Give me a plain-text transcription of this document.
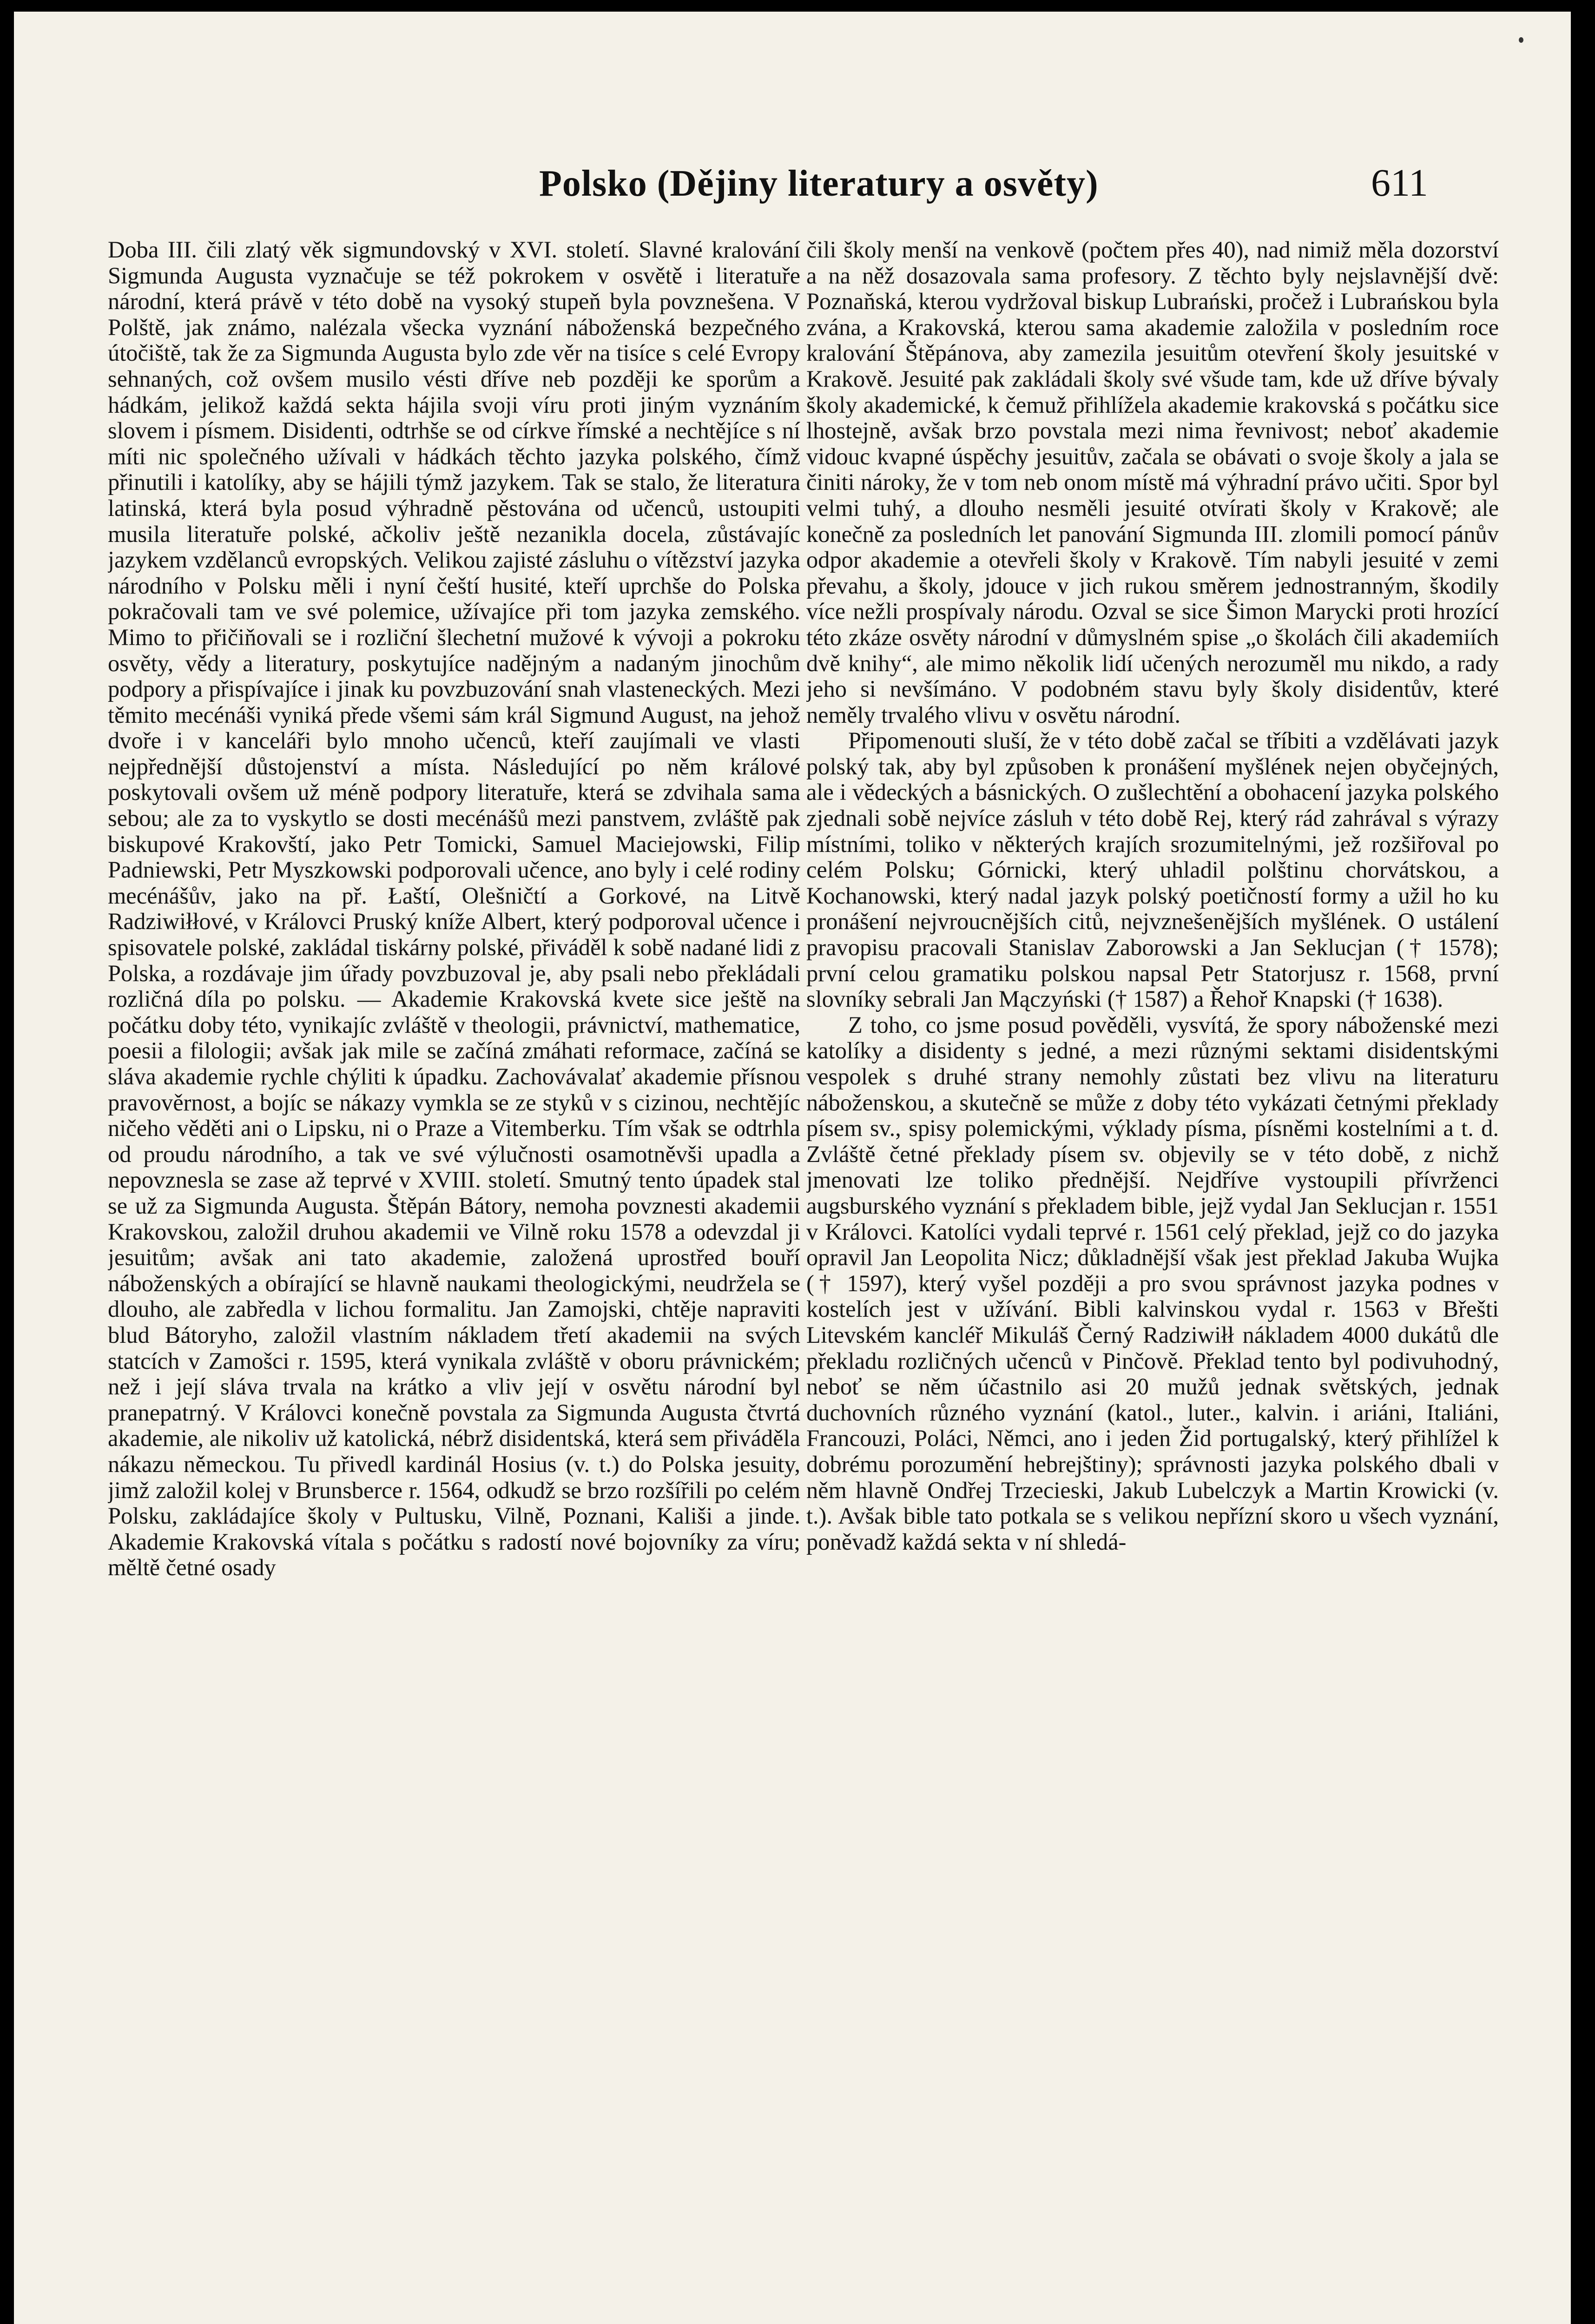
Polsko (Dějiny literatury a osvěty)	611

Doba III. čili zlatý věk sigmundovský v XVI. století. Slavné kralování Sigmunda Augusta vyznačuje se též pokrokem v osvětě i literatuře národní, která právě v této době na vysoký stupeň byla povznešena. V Polště, jak známo, nalézala všecka vyznání náboženská bezpečného útočiště, tak že za Sigmunda Augusta bylo zde věr na tisíce s celé Evropy sehnaných, což ovšem musilo vésti dříve neb později ke sporům a hádkám, jelikož každá sekta hájila svoji víru proti jiným vyznáním slovem i písmem. Disidenti, odtrhše se od církve římské a nechtějíce s ní míti nic společného užívali v hádkách těchto jazyka polského, čímž přinutili i katolíky, aby se hájili týmž jazykem. Tak se stalo, že literatura latinská, která byla posud výhradně pěstována od učenců, ustoupiti musila literatuře polské, ačkoliv ještě nezanikla docela, zůstávajíc jazykem vzdělanců evropských. Velikou zajisté zásluhu o vítězství jazyka národního v Polsku měli i nyní čeští husité, kteří uprchše do Polska pokračovali tam ve své polemice, užívajíce při tom jazyka zemského. Mimo to přičiňovali se i rozliční šlechetní mužové k vývoji a pokroku osvěty, vědy a literatury, poskytujíce nadějným a nadaným jinochům podpory a přispívajíce i jinak ku povzbuzování snah vlasteneckých. Mezi těmito mecénáši vyniká přede všemi sám král Sigmund August, na jehož dvoře i v kanceláři bylo mnoho učenců, kteří zaujímali ve vlasti nejpřednější důstojenství a místa. Následující po něm králové poskytovali ovšem už méně podpory literatuře, která se zdvihala sama sebou; ale za to vyskytlo se dosti mecénášů mezi panstvem, zvláště pak biskupové Krakovští, jako Petr Tomicki, Samuel Maciejowski, Filip Padniewski, Petr Myszkowski podporovali učence, ano byly i celé rodiny mecénášův, jako na př. Łaští, Olešničtí a Gorkové, na Litvě Radziwiłłové, v Královci Pruský kníže Albert, který podporoval učence i spisovatele polské, zakládal tiskárny polské, přiváděl k sobě nadané lidi z Polska, a rozdávaje jim úřady povzbuzoval je, aby psali nebo překládali rozličná díla po polsku. — Akademie Krakovská kvete sice ještě na počátku doby této, vynikajíc zvláště v theologii, právnictví, mathematice, poesii a filologii; avšak jak mile se začíná zmáhati reformace, začíná se sláva akademie rychle chýliti k úpadku. Zachovávalať akademie přísnou pravověrnost, a bojíc se nákazy vymkla se ze styků v s cizinou, nechtějíc ničeho věděti ani o Lipsku, ni o Praze a Vitemberku. Tím však se odtrhla od proudu národního, a tak ve své výlučnosti osamotněvši upadla a nepovznesla se zase až teprvé v XVIII. století. Smutný tento úpadek stal se už za Sigmunda Augusta. Štěpán Bátory, nemoha povznesti akademii Krakovskou, založil druhou akademii ve Vilně roku 1578 a odevzdal ji jesuitům; avšak ani tato akademie, založená uprostřed bouří náboženských a obírající se hlavně naukami theologickými, neudržela se dlouho, ale zabředla v lichou formalitu. Jan Zamojski, chtěje napraviti blud Bátoryho, založil vlastním nákladem třetí akademii na svých statcích v Zamošci r. 1595, která vynikala zvláště v oboru právnickém; než i její sláva trvala na krátko a vliv její v osvětu národní byl pranepatrný. V Královci konečně povstala za Sigmunda Augusta čtvrtá akademie, ale nikoliv už katolická, nébrž disidentská, která sem přiváděla nákazu německou. Tu přivedl kardinál Hosius (v. t.) do Polska jesuity, jimž založil kolej v Brunsberce r. 1564, odkudž se brzo rozšířili po celém Polsku, zakládajíce školy v Pultusku, Vilně, Poznani, Kališi a jinde. Akademie Krakovská vítala s počátku s radostí nové bojovníky za víru; měltě četné osady

čili školy menší na venkově (počtem přes 40), nad nimiž měla dozorství a na něž dosazovala sama profesory. Z těchto byly nejslavnější dvě: Poznaňská, kterou vydržoval biskup Lubrański, pročež i Lubrańskou byla zvána, a Krakovská, kterou sama akademie založila v posledním roce kralování Štěpánova, aby zamezila jesuitům otevření školy jesuitské v Krakově. Jesuité pak zakládali školy své všude tam, kde už dříve bývaly školy akademické, k čemuž přihlížela akademie krakovská s počátku sice lhostejně, avšak brzo povstala mezi nima řevnivost; neboť akademie vidouc kvapné úspěchy jesuitův, začala se obávati o svoje školy a jala se činiti nároky, že v tom neb onom místě má výhradní právo učiti. Spor byl velmi tuhý, a dlouho nesměli jesuité otvírati školy v Krakově; ale konečně za posledních let panování Sigmunda III. zlomili pomocí pánův odpor akademie a otevřeli školy v Krakově. Tím nabyli jesuité v zemi převahu, a školy, jdouce v jich rukou směrem jednostranným, škodily více nežli prospívaly národu. Ozval se sice Šimon Marycki proti hrozící této zkáze osvěty národní v důmyslném spise „o školách čili akademiích dvě knihy“, ale mimo několik lidí učených nerozuměl mu nikdo, a rady jeho si nevšímáno. V podobném stavu byly školy disidentův, které neměly trvalého vlivu v osvětu národní.

Připomenouti sluší, že v této době začal se tříbiti a vzdělávati jazyk polský tak, aby byl způsoben k pronášení myšlének nejen obyčejných, ale i vědeckých a básnických. O zušlechtění a obohacení jazyka polského zjednali sobě nejvíce zásluh v této době Rej, který rád zahrával s výrazy místními, toliko v některých krajích srozumitelnými, jež rozšiřoval po celém Polsku; Górnicki, který uhladil polštinu chorvátskou, a Kochanowski, který nadal jazyk polský poetičností formy a užil ho ku pronášení nejvroucnějších citů, nejvznešenějších myšlének. O ustálení pravopisu pracovali Stanislav Zaborowski a Jan Seklucjan († 1578); první celou gramatiku polskou napsal Petr Statorjusz r. 1568, první slovníky sebrali Jan Mączyński († 1587) a Řehoř Knapski († 1638).

Z toho, co jsme posud pověděli, vysvítá, že spory náboženské mezi katolíky a disidenty s jedné, a mezi různými sektami disidentskými vespolek s druhé strany nemohly zůstati bez vlivu na literaturu náboženskou, a skutečně se může z doby této vykázati četnými překlady písem sv., spisy polemickými, výklady písma, písněmi kostelními a t. d. Zvláště četné překlady písem sv. objevily se v této době, z nichž jmenovati lze toliko přednější. Nejdříve vystoupili přívrženci augsburského vyznání s překladem bible, jejž vydal Jan Seklucjan r. 1551 v Královci. Katolíci vydali teprvé r. 1561 celý překlad, jejž co do jazyka opravil Jan Leopolita Nicz; důkladnější však jest překlad Jakuba Wujka († 1597), který vyšel později a pro svou správnost jazyka podnes v kostelích jest v užívání. Bibli kalvinskou vydal r. 1563 v Břešti Litevském kancléř Mikuláš Černý Radziwiłł nákladem 4000 dukátů dle překladu rozličných učenců v Pinčově. Překlad tento byl podivuhodný, neboť se něm účastnilo asi 20 mužů jednak světských, jednak duchovních různého vyznání (katol., luter., kalvin. i ariáni, Italiáni, Francouzi, Poláci, Němci, ano i jeden Žid portugalský, který přihlížel k dobrému porozumění hebrejštiny); správnosti jazyka polského dbali v něm hlavně Ondřej Trzecieski, Jakub Lubelczyk a Martin Krowicki (v. t.). Avšak bible tato potkala se s velikou nepřízní skoro u všech vyznání, poněvadž každá sekta v ní shledá-
